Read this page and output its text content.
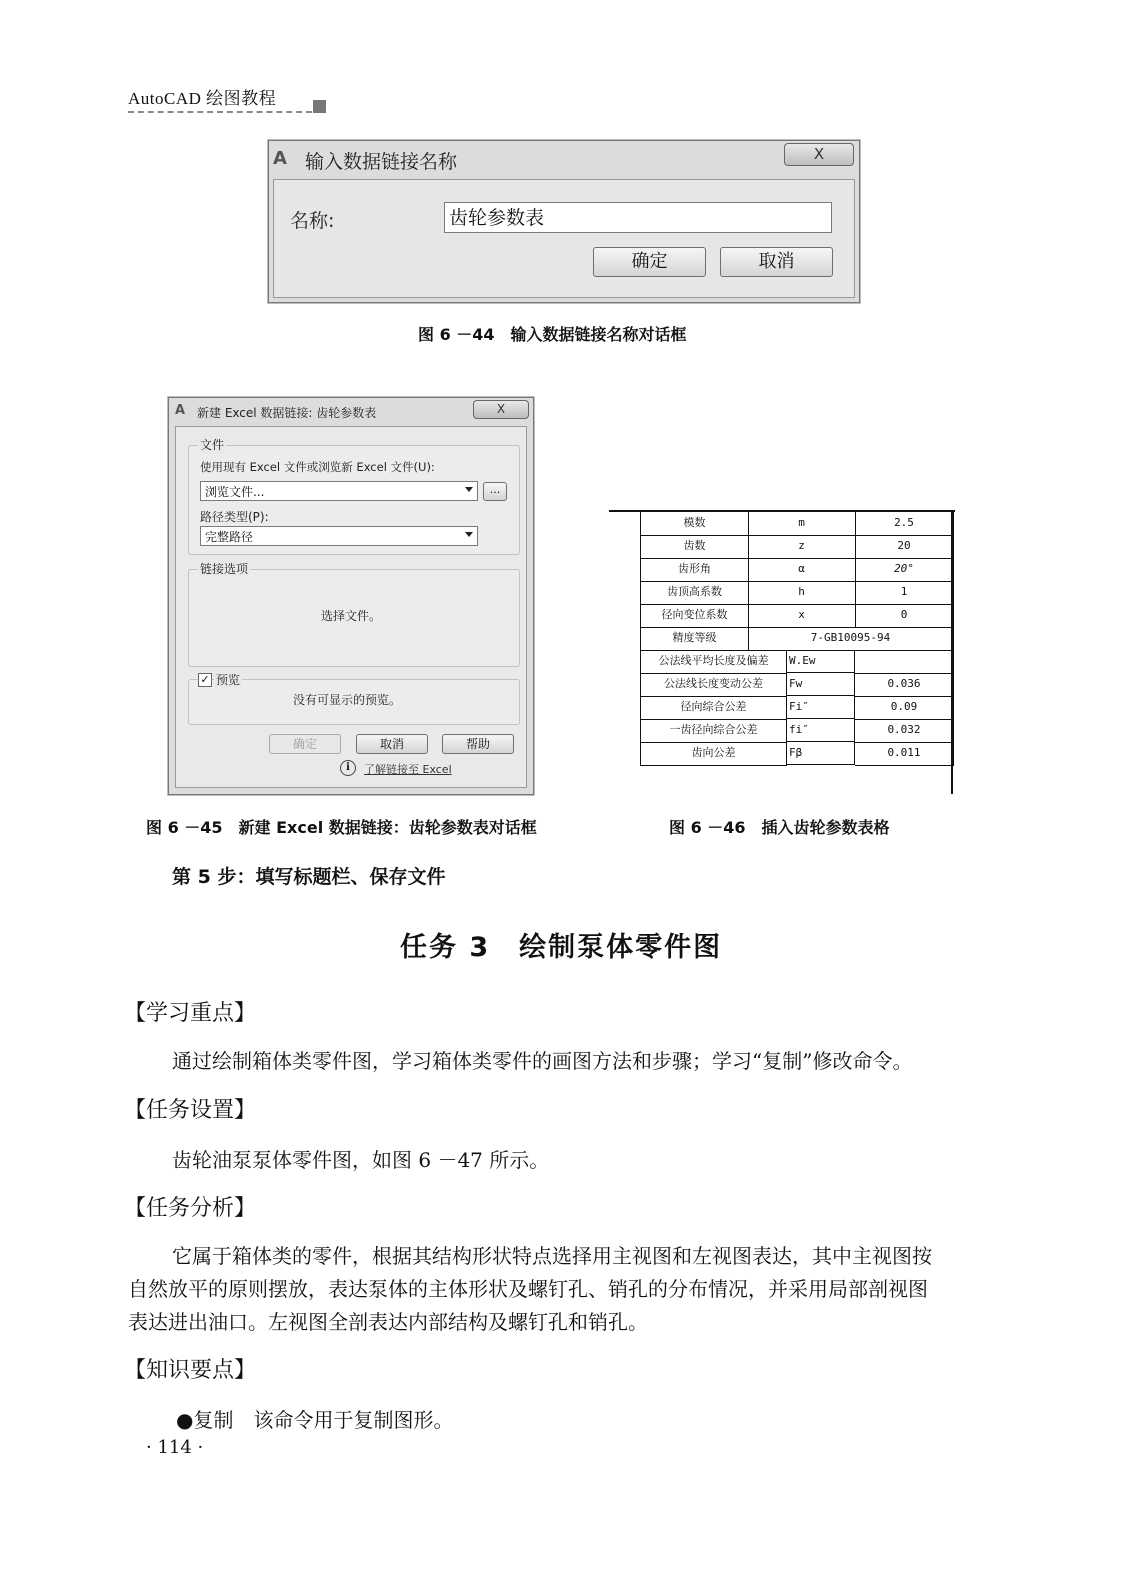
AutoCAD 绘图教程
A 输入数据链接名称	X
名称:	齿轮参数表
确定	取消
图 6 －44　输入数据链接名称对话框
A 新建 Excel 数据链接: 齿轮参数表	X
文件
使用现有 Excel 文件或浏览新 Excel 文件(U):
浏览文件...	...
路径类型(P):
完整路径
链接选项
选择文件。
✓ 预览
没有可显示的预览。
确定	取消	帮助
i	了解链接至 Excel
图 6 －45　新建 Excel 数据链接：齿轮参数表对话框
模数	m	2.5
齿数	z	20
齿形角	α	20°
齿顶高系数	h	1
径向变位系数	x	0
精度等级	7-GB10095-94
公法线平均长度及偏差	W.Ew
公法线长度变动公差	Fw	0.036
径向综合公差	Fi″	0.09
一齿径向综合公差	fi″	0.032
齿向公差	Fβ	0.011
图 6 －46　插入齿轮参数表格
第 5 步：填写标题栏、保存文件
任务 3　绘制泵体零件图
【学习重点】
通过绘制箱体类零件图，学习箱体类零件的画图方法和步骤；学习“复制”修改命令。
【任务设置】
齿轮油泵泵体零件图，如图 6 －47 所示。
【任务分析】
它属于箱体类的零件，根据其结构形状特点选择用主视图和左视图表达，其中主视图按
自然放平的原则摆放，表达泵体的主体形状及螺钉孔、销孔的分布情况，并采用局部剖视图
表达进出油口。左视图全剖表达内部结构及螺钉孔和销孔。
【知识要点】
●复制　该命令用于复制图形。
· 114 ·
